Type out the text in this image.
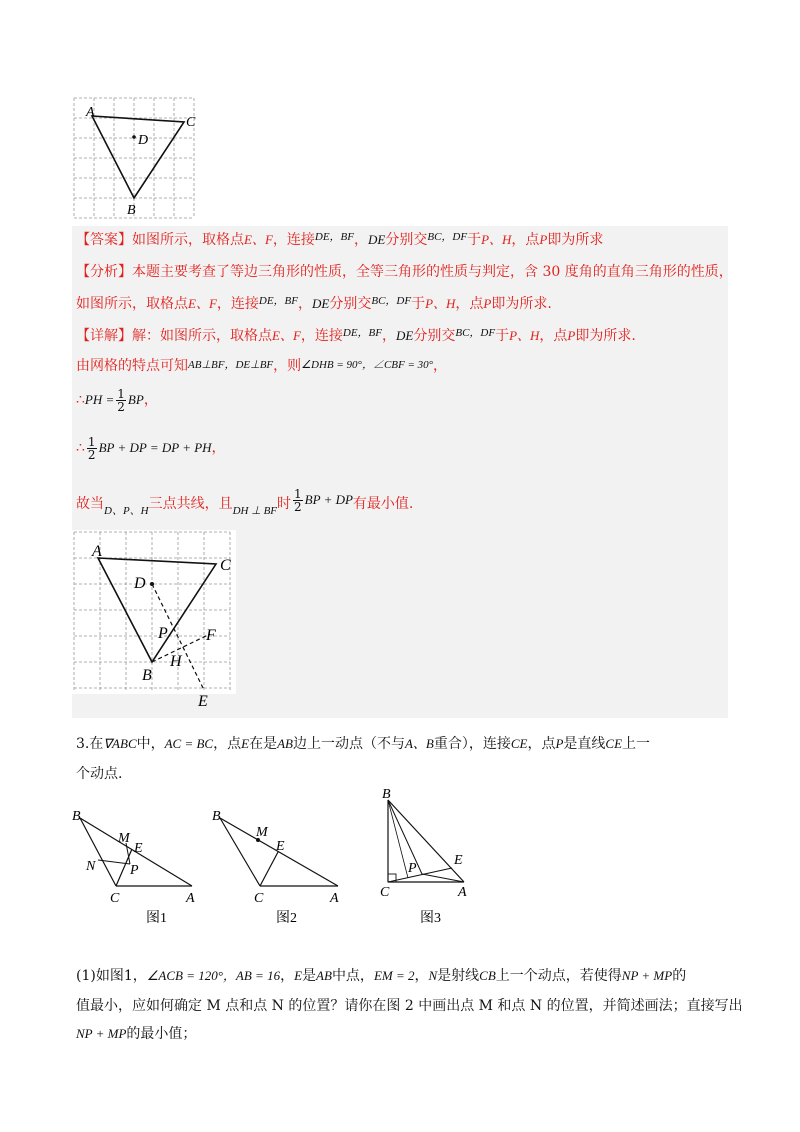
A
C
D
B
【答案】如图所示，取格点E、F，连接$^{DE,BF}$，DE分别交$^{BC,DF}$于P、H，点P即为所求
【分析】本题主要考查了等边三角形的性质，全等三角形的性质与判定，含 30 度角的直角三角形的性质，
如图所示，取格点E、F，连接$^{DE,BF}$，DE分别交$^{BC,DF}$于P、H，点P即为所求.
【详解】解：如图所示，取格点E、F，连接$^{DE,BF}$，DE分别交$^{BC,DF}$于P、H，点P即为所求.
由网格的特点可知AB⊥BF，DE⊥BF，则∠DHB = 90°，∠CBF = 30°，
∴PH = $\frac{1}{2}$ BP，
∴ $\frac{1}{2}$ BP + DP = DP + PH，
故当$_{D、P、H}$三点共线，且$_{DH \perp BF}$时 $\frac{1}{2}$ BP + DP有最小值.
A
C
D
P F
H
B
E
3.在∇ABC中，AC = BC，点E在是AB边上一动点（不与A、B重合），连接CE，点P是直线CE上一
个动点.
B
M
E
N P
C	A
图1
B
M
E
C	A
图2
B
P
E
C	A
图3
(1)如图1，∠ACB = 120°，AB = 16，E是AB中点，EM = 2，N是射线CB上一个动点，若使得NP + MP的
值最小，应如何确定 M 点和点 N 的位置？请你在图 2 中画出点 M 和点 N 的位置，并简述画法；直接写出
NP + MP的最小值；
